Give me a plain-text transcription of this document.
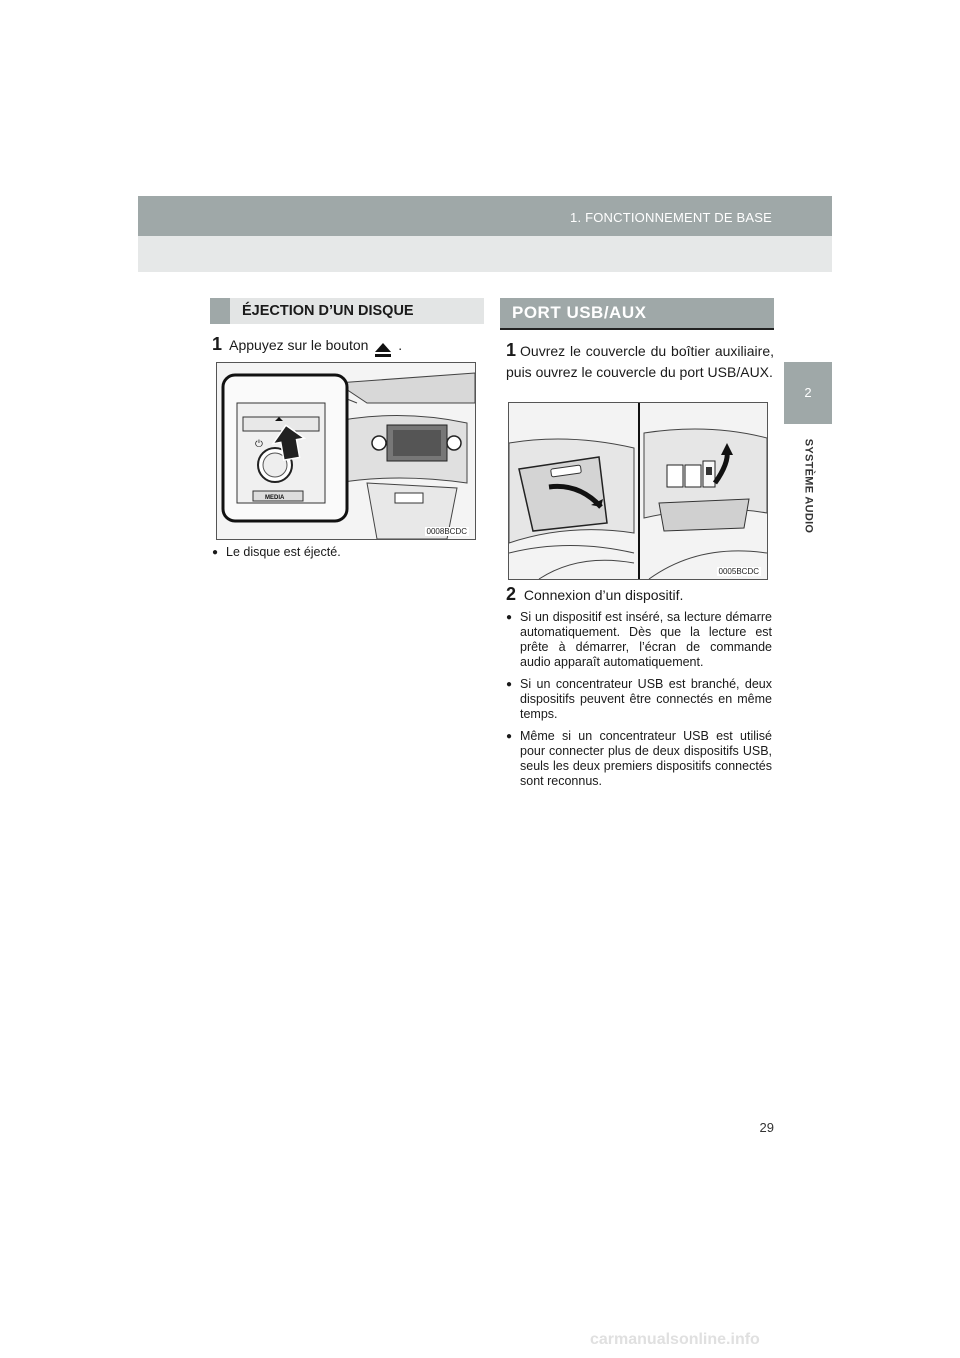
1. FONCTIONNEMENT DE BASE
2
SYSTÈME AUDIO
ÉJECTION D’UN DISQUE
1 Appuyez sur le bouton .
⏻
MEDIA
0008BCDC
● Le disque est éjecté.
PORT USB/AUX
1 Ouvrez le couvercle du boîtier auxiliaire, puis ouvrez le couvercle du port USB/AUX.
0005BCDC
2 Connexion d’un dispositif.
● Si un dispositif est inséré, sa lecture démarre automatiquement. Dès que la lecture est prête à démarrer, l’écran de commande audio apparaît automatiquement.
● Si un concentrateur USB est branché, deux dispositifs peuvent être connectés en même temps.
● Même si un concentrateur USB est utilisé pour connecter plus de deux dispositifs USB, seuls les deux premiers dispositifs connectés sont reconnus.
29
carmanualsonline.info
